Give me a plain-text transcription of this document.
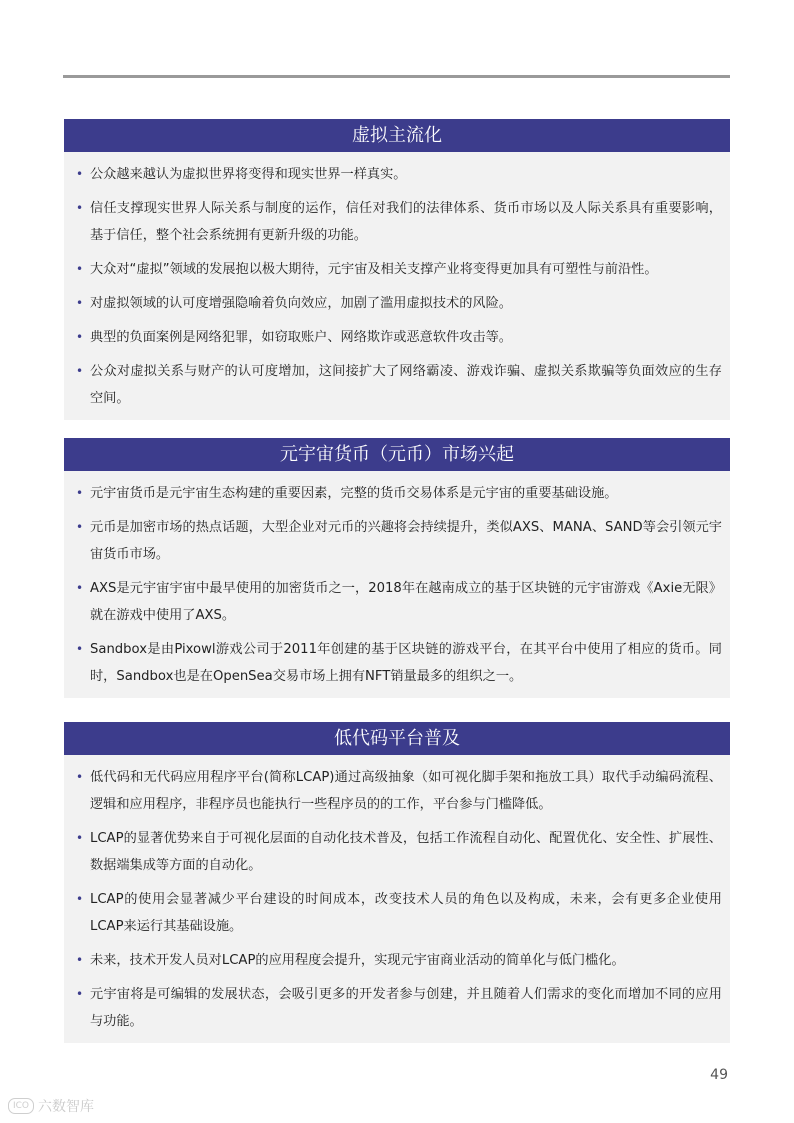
虚拟主流化
• 公众越来越认为虚拟世界将变得和现实世界一样真实。
• 信任支撑现实世界人际关系与制度的运作，信任对我们的法律体系、货币市场以及人际关系具有重要影响，基于信任，整个社会系统拥有更新升级的功能。
• 大众对“虚拟”领域的发展抱以极大期待，元宇宙及相关支撑产业将变得更加具有可塑性与前沿性。
• 对虚拟领域的认可度增强隐喻着负向效应，加剧了滥用虚拟技术的风险。
• 典型的负面案例是网络犯罪，如窃取账户、网络欺诈或恶意软件攻击等。
• 公众对虚拟关系与财产的认可度增加，这间接扩大了网络霸凌、游戏诈骗、虚拟关系欺骗等负面效应的生存空间。
元宇宙货币（元币）市场兴起
• 元宇宙货币是元宇宙生态构建的重要因素，完整的货币交易体系是元宇宙的重要基础设施。
• 元币是加密市场的热点话题，大型企业对元币的兴趣将会持续提升，类似AXS、MANA、SAND等会引领元宇宙货币市场。
• AXS是元宇宙宇宙中最早使用的加密货币之一，2018年在越南成立的基于区块链的元宇宙游戏《Axie无限》就在游戏中使用了AXS。
• Sandbox是由Pixowl游戏公司于2011年创建的基于区块链的游戏平台，在其平台中使用了相应的货币。同时，Sandbox也是在OpenSea交易市场上拥有NFT销量最多的组织之一。
低代码平台普及
• 低代码和无代码应用程序平台(简称LCAP)通过高级抽象（如可视化脚手架和拖放工具）取代手动编码流程、逻辑和应用程序，非程序员也能执行一些程序员的的工作，平台参与门槛降低。
• LCAP的显著优势来自于可视化层面的自动化技术普及，包括工作流程自动化、配置优化、安全性、扩展性、数据端集成等方面的自动化。
• LCAP的使用会显著减少平台建设的时间成本，改变技术人员的角色以及构成，未来，会有更多企业使用LCAP来运行其基础设施。
• 未来，技术开发人员对LCAP的应用程度会提升，实现元宇宙商业活动的简单化与低门槛化。
• 元宇宙将是可编辑的发展状态，会吸引更多的开发者参与创建，并且随着人们需求的变化而增加不同的应用与功能。
49
ICO 六数智库
